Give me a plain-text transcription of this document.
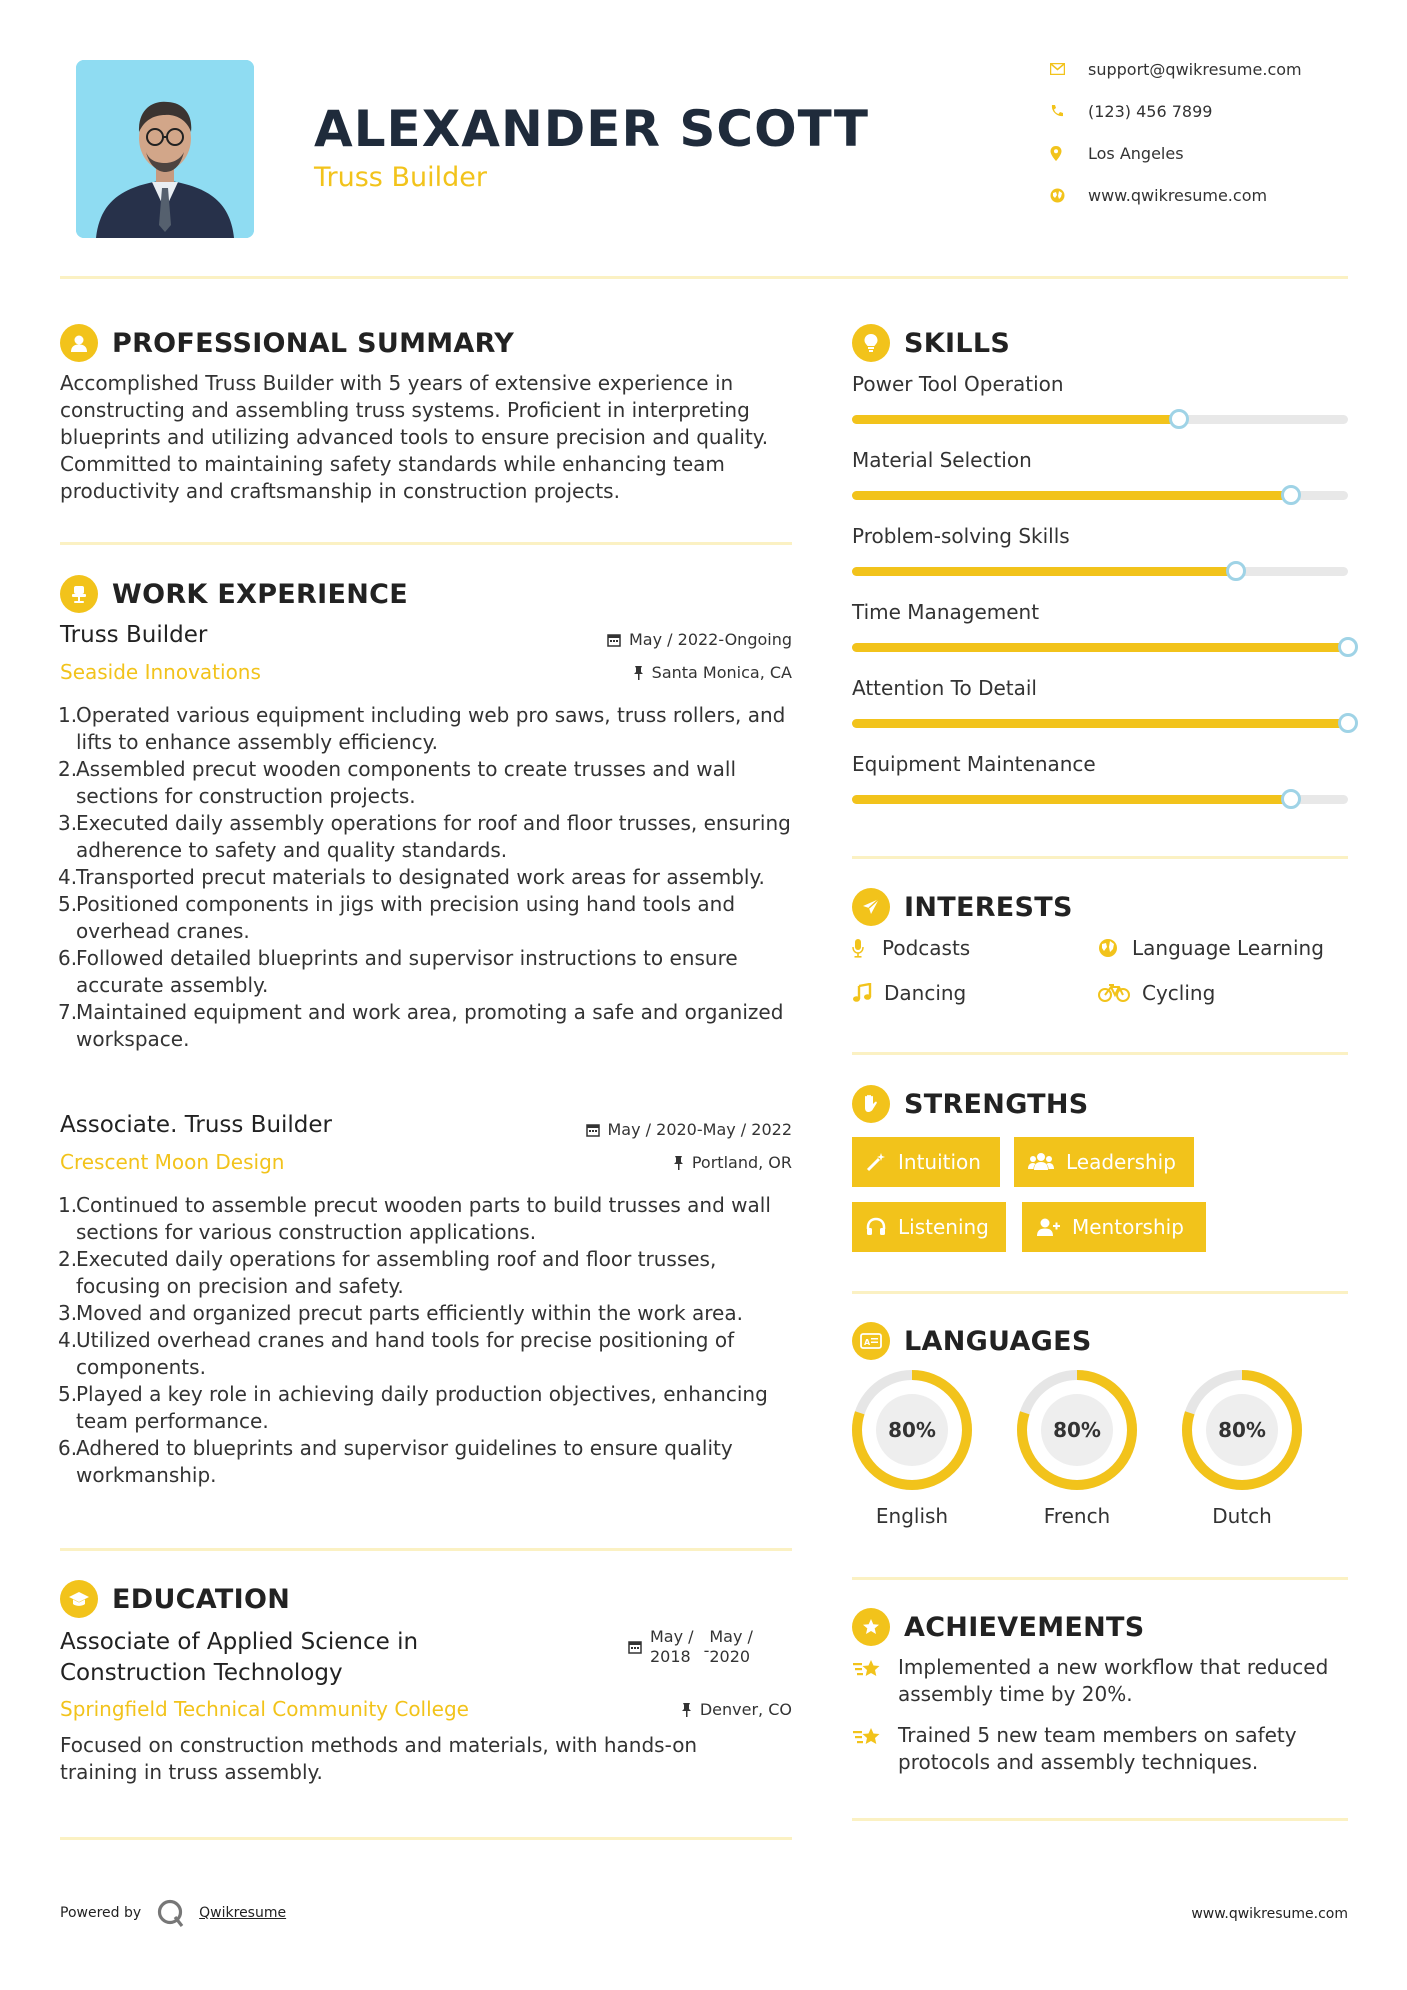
ALEXANDER SCOTT
Truss Builder
support@qwikresume.com
(123) 456 7899
Los Angeles
www.qwikresume.com
PROFESSIONAL SUMMARY
Accomplished Truss Builder with 5 years of extensive experience in constructing and assembling truss systems. Proficient in interpreting blueprints and utilizing advanced tools to ensure precision and quality. Committed to maintaining safety standards while enhancing team productivity and craftsmanship in construction projects.
WORK EXPERIENCE
Truss Builder
Seaside Innovations
May / 2022-Ongoing
Santa Monica, CA
1.
Operated various equipment including web pro saws, truss rollers, and lifts to enhance assembly efficiency.
2.
Assembled precut wooden components to create trusses and wall sections for construction projects.
3.
Executed daily assembly operations for roof and floor trusses, ensuring adherence to safety and quality standards.
4.
Transported precut materials to designated work areas for assembly.
5.
Positioned components in jigs with precision using hand tools and overhead cranes.
6.
Followed detailed blueprints and supervisor instructions to ensure accurate assembly.
7.
Maintained equipment and work area, promoting a safe and organized workspace.
Associate. Truss Builder
Crescent Moon Design
May / 2020-May / 2022
Portland, OR
1.
Continued to assemble precut wooden parts to build trusses and wall sections for various construction applications.
2.
Executed daily operations for assembling roof and floor trusses, focusing on precision and safety.
3.
Moved and organized precut parts efficiently within the work area.
4.
Utilized overhead cranes and hand tools for precise positioning of components.
5.
Played a key role in achieving daily production objectives, enhancing team performance.
6.
Adhered to blueprints and supervisor guidelines to ensure quality workmanship.
EDUCATION
Associate of Applied Science in
Construction Technology
Springfield Technical Community College
May /
2018 -
May /
2020
Denver, CO
Focused on construction methods and materials, with hands-on training in truss assembly.
SKILLS
Power Tool Operation
Material Selection
Problem-solving Skills
Time Management
Attention To Detail
Equipment Maintenance
INTERESTS
Podcasts	Language Learning
Dancing	Cycling
STRENGTHS
Intuition	Leadership
Listening	Mentorship
A LANGUAGES
80%
English
80%
French
80%
Dutch
ACHIEVEMENTS
Implemented a new workflow that reduced assembly time by 20%.
Trained 5 new team members on safety protocols and assembly techniques.
Powered by	Qwikresume	www.qwikresume.com
